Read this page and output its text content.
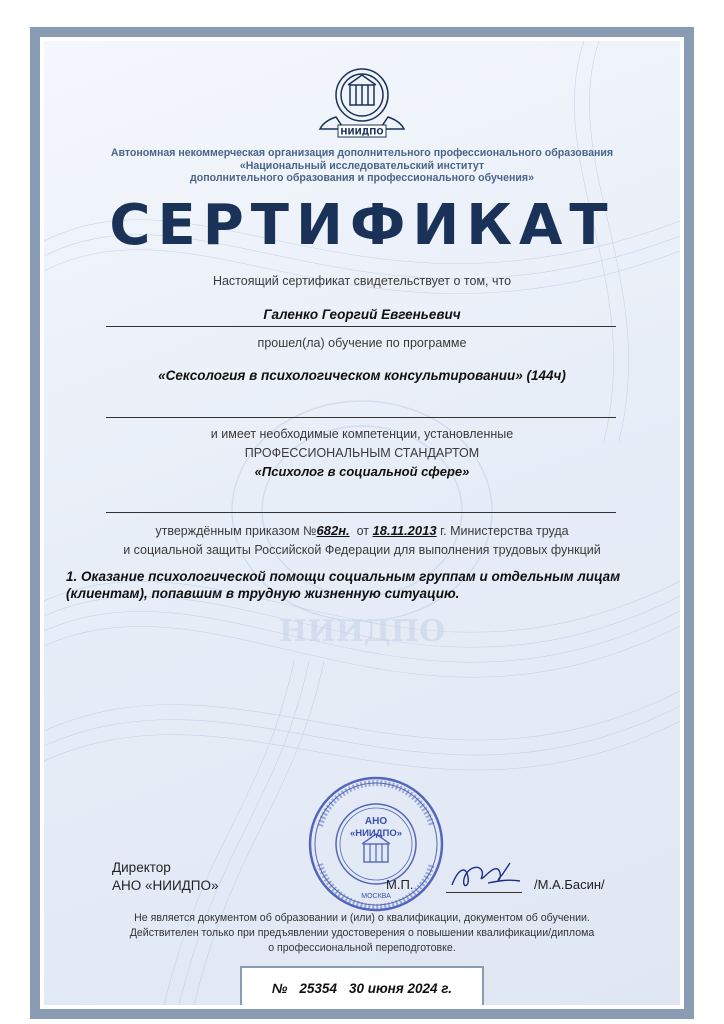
НИИДПО
НИИДПО
Автономная некоммерческая организация дополнительного профессионального образования
«Национальный исследовательский институт
дополнительного образования и профессионального обучения»
СЕРТИФИКАТ
Настоящий сертификат свидетельствует о том, что
Галенко Георгий Евгеньевич
прошел(ла) обучение по программе
«Сексология в психологическом консультировании» (144ч)
и имеет необходимые компетенции, установленные
ПРОФЕССИОНАЛЬНЫМ СТАНДАРТОМ
«Психолог в социальной сфере»
утверждённым приказом №682н. от 18.11.2013 г. Министерства труда
и социальной защиты Российской Федерации для выполнения трудовых функций
1. Оказание психологической помощи социальным группам и отдельным лицам (клиентам), попавшим в трудную жизненную ситуацию.
Директор
АНО «НИИДПО»
АНО
«НИИДПО»
МОСКВА
М.П.	/М.А.Басин/
Не является документом об образовании и (или) о квалификации, документом об обучении.
Действителен только при предъявлении удостоверения о повышении квалификации/диплома
о профессиональной переподготовке.
№ 25354 30 июня 2024 г.
